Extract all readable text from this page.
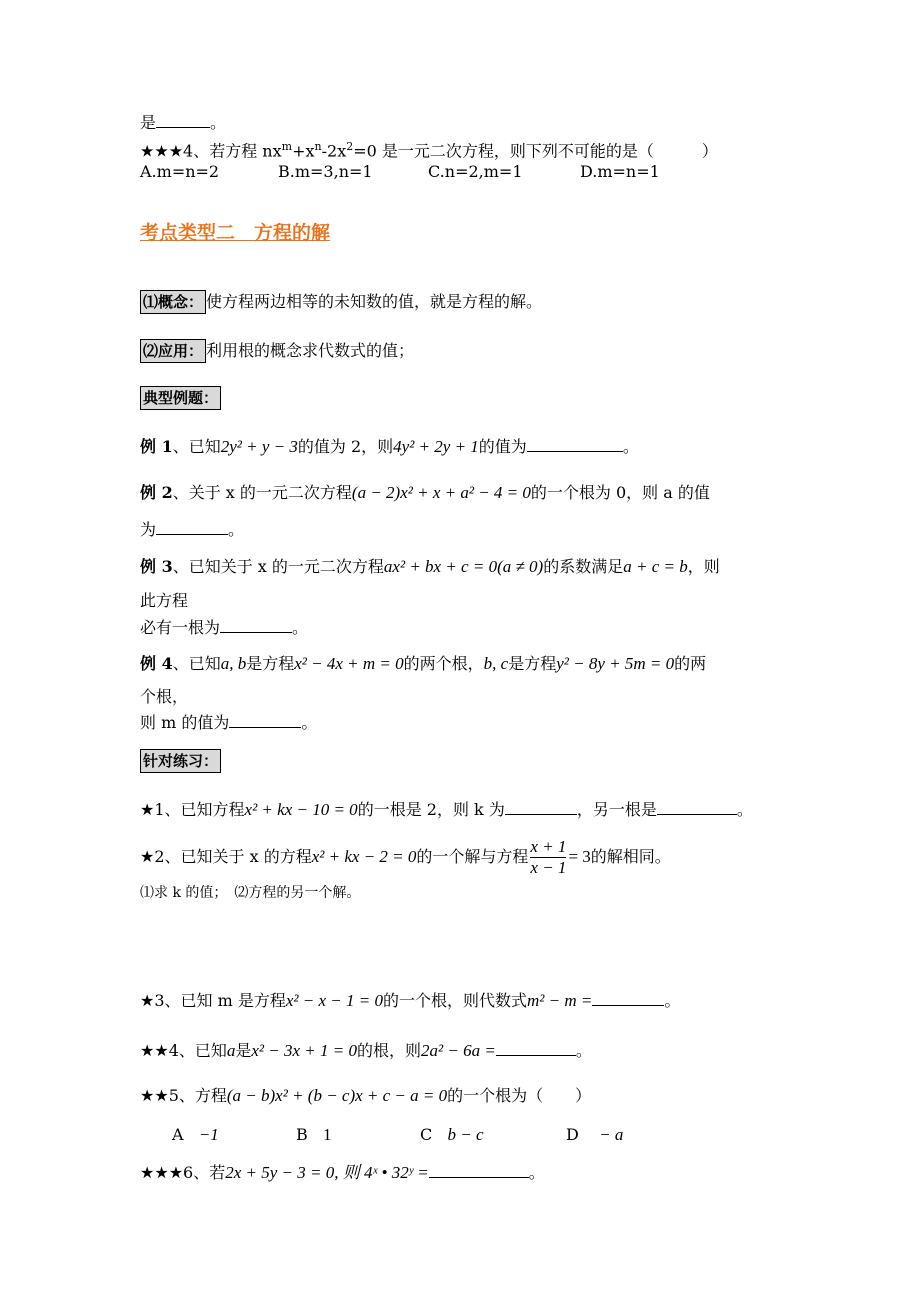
是	。
★★★4、若方程 $nx^m+x^n-2x^2=0$ 是一元二次方程，则下列不可能的是（　　　）
A.m=n=2	B.m=3,n=1	C.n=2,m=1	D.m=n=1
考点类型二　方程的解
⑴概念： 使方程两边相等的未知数的值，就是方程的解。
⑵应用： 利用根的概念求代数式的值；
典型例题：
例 1、已知2y² + y − 3的值为 2，则4y² + 2y + 1的值为	。
例 2、关于 x 的一元二次方程(a − 2)x² + x + a² − 4 = 0的一个根为 0，则 a 的值
为	。
例 3、已知关于 x 的一元二次方程ax² + bx + c = 0(a ≠ 0)的系数满足a + c = b，则
此方程
必有一根为	。
例 4、已知a, b是方程x² − 4x + m = 0的两个根，b, c是方程y² − 8y + 5m = 0的两
个根，
则 m 的值为	。
针对练习：
★1、已知方程x² + kx − 10 = 0的一根是 2，则 k 为	，另一根是	。
★2、已知关于 x 的方程x² + kx − 2 = 0的一个解与方程 $\frac{x + 1}{x - 1} = 3$的解相同。
⑴求 k 的值；　⑵方程的另一个解。
★3、已知 m 是方程x² − x − 1 = 0的一个根，则代数式m² − m =	。
★★4、已知a是x² − 3x + 1 = 0的根，则2a² − 6a =	。
★★5、方程(a − b)x² + (b − c)x + c − a = 0的一个根为（　　）
A −1	B 1	C b − c	D − a
★★★6、若2x + 5y − 3 = 0, 则 4ˣ • 32ʸ =	。
